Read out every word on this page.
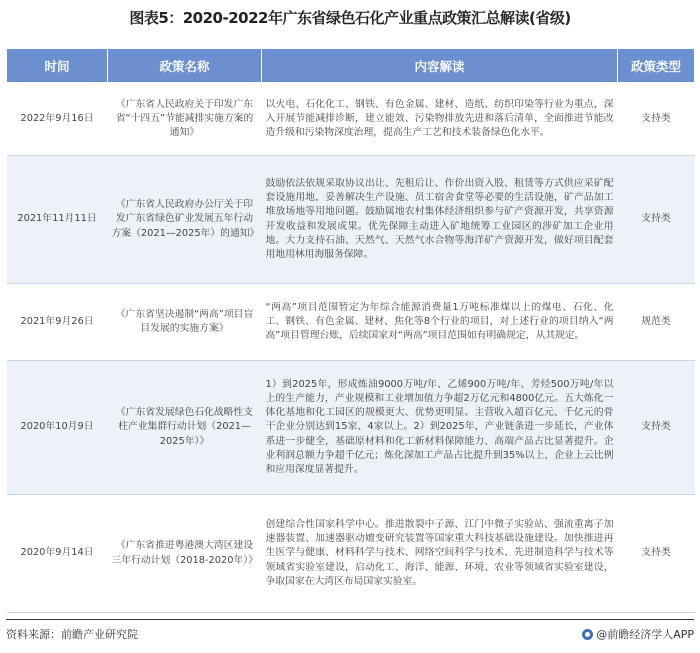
图表5：2020-2022年广东省绿色石化产业重点政策汇总解读(省级)
时间	政策名称	内容解读	政策类型
2022年9月16日	《广东省人民政府关于印发广东省“十四五”节能减排实施方案的通知》	以火电、石化化工、钢铁、有色金属、建材、造纸、纺织印染等行业为重点，深入开展节能减排诊断，建立能效、污染物排放先进和落后清单，全面推进节能改造升级和污染物深度治理，提高生产工艺和技术装备绿色化水平。	支持类
2021年11月11日	《广东省人民政府办公厅关于印发广东省绿色矿业发展五年行动方案（2021—2025年）的通知》	鼓励依法依规采取协议出让、先租后让、作价出资入股、租赁等方式供应采矿配套设施用地，妥善解决生产设施、员工宿舍食堂等必要的生活设施，矿产品加工堆放场地等用地问题。鼓励属地农村集体经济组织参与矿产资源开发，共享资源开发收益和发展成果。优先保障主动进入矿地统筹工业园区的涉矿加工企业用地。大力支持石油、天然气、天然气水合物等海洋矿产资源开发，做好项目配套用地用林用海服务保障。	支持类
2021年9月26日	《广东省坚决遏制“两高”项目盲目发展的实施方案》	“两高”项目范围暂定为年综合能源消费量1万吨标准煤以上的煤电、石化、化工、钢铁、有色金属、建材、焦化等8个行业的项目，对上述行业的项目纳入“两高”项目管理台账，后续国家对“两高”项目范围如有明确规定，从其规定。	规范类
2020年10月9日	《广东省发展绿色石化战略性支柱产业集群行动计划（2021—2025年）》	1）到2025年，形成炼油9000万吨/年、乙烯900万吨/年、芳烃500万吨/年以上的生产能力，产业规模和工业增加值力争超2万亿元和4800亿元。五大炼化一体化基地和化工园区的规模更大、优势更明显。主营收入超百亿元、千亿元的骨干企业分别达到15家、4家以上。2）到2025年，产业链条进一步延长，产业体系进一步健全，基础原材料和化工新材料保障能力、高端产品占比显著提升。企业利润总额力争超千亿元；炼化深加工产品占比提升到35%以上，企业上云比例和应用深度显著提升。	支持类
2020年9月14日	《广东省推进粤港澳大湾区建设三年行动计划（2018-2020年）》	创建综合性国家科学中心。推进散裂中子源、江门中微子实验站、强流重离子加速器装置、加速器驱动嬗变研究装置等国家重大科技基础设施建设。加快推进再生医学与健康、材料科学与技术、网络空间科学与技术、先进制造科学与技术等领域省实验室建设，启动化工、海洋、能源、环境、农业等领域省实验室建设，争取国家在大湾区布局国家实验室。	支持类
资料来源：前瞻产业研究院	@前瞻经济学人APP
